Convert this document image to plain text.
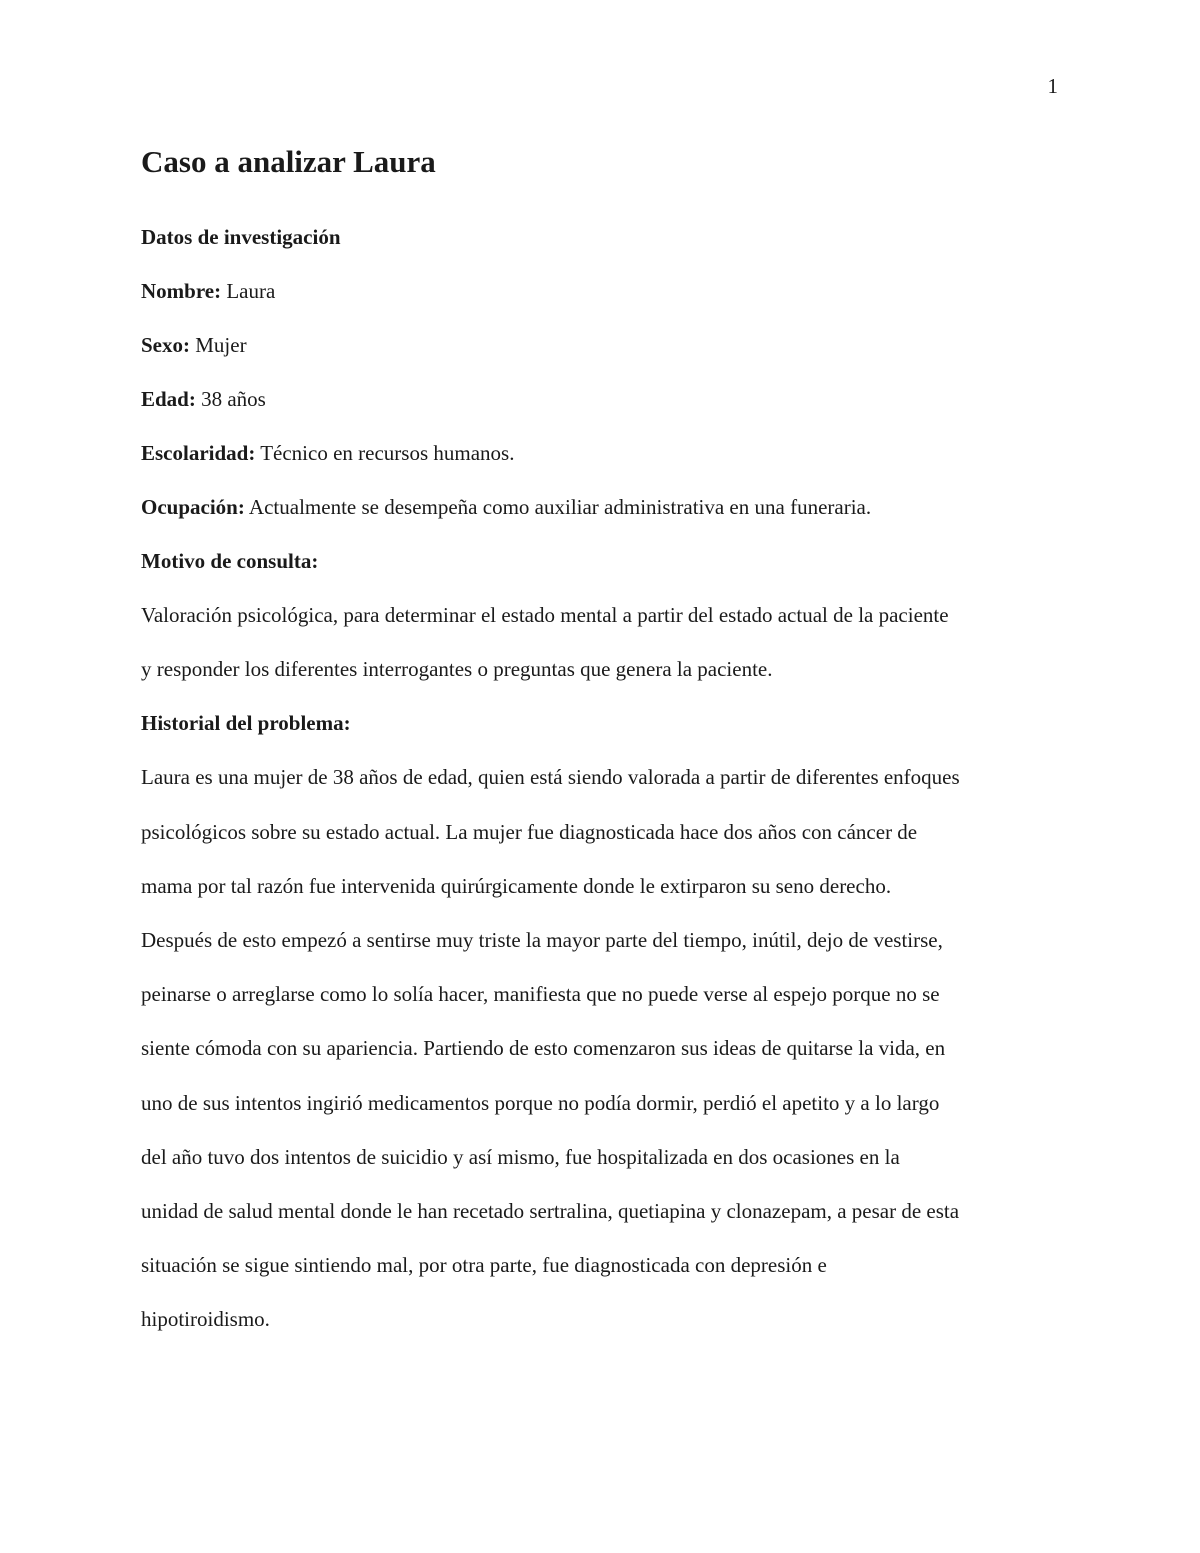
1
Caso a analizar Laura

Datos de investigación

Nombre: Laura

Sexo: Mujer

Edad: 38 años

Escolaridad: Técnico en recursos humanos.

Ocupación: Actualmente se desempeña como auxiliar administrativa en una funeraria.

Motivo de consulta:

Valoración psicológica, para determinar el estado mental a partir del estado actual de la paciente

y responder los diferentes interrogantes o preguntas que genera la paciente.

Historial del problema:

Laura es una mujer de 38 años de edad, quien está siendo valorada a partir de diferentes enfoques

psicológicos sobre su estado actual. La mujer fue diagnosticada hace dos años con cáncer de

mama por tal razón fue intervenida quirúrgicamente donde le extirparon su seno derecho.

Después de esto empezó a sentirse muy triste la mayor parte del tiempo, inútil, dejo de vestirse,

peinarse o arreglarse como lo solía hacer, manifiesta que no puede verse al espejo porque no se

siente cómoda con su apariencia. Partiendo de esto comenzaron sus ideas de quitarse la vida, en

uno de sus intentos ingirió medicamentos porque no podía dormir, perdió el apetito y a lo largo

del año tuvo dos intentos de suicidio y así mismo, fue hospitalizada en dos ocasiones en la

unidad de salud mental donde le han recetado sertralina, quetiapina y clonazepam, a pesar de esta

situación se sigue sintiendo mal, por otra parte, fue diagnosticada con depresión e

hipotiroidismo.
